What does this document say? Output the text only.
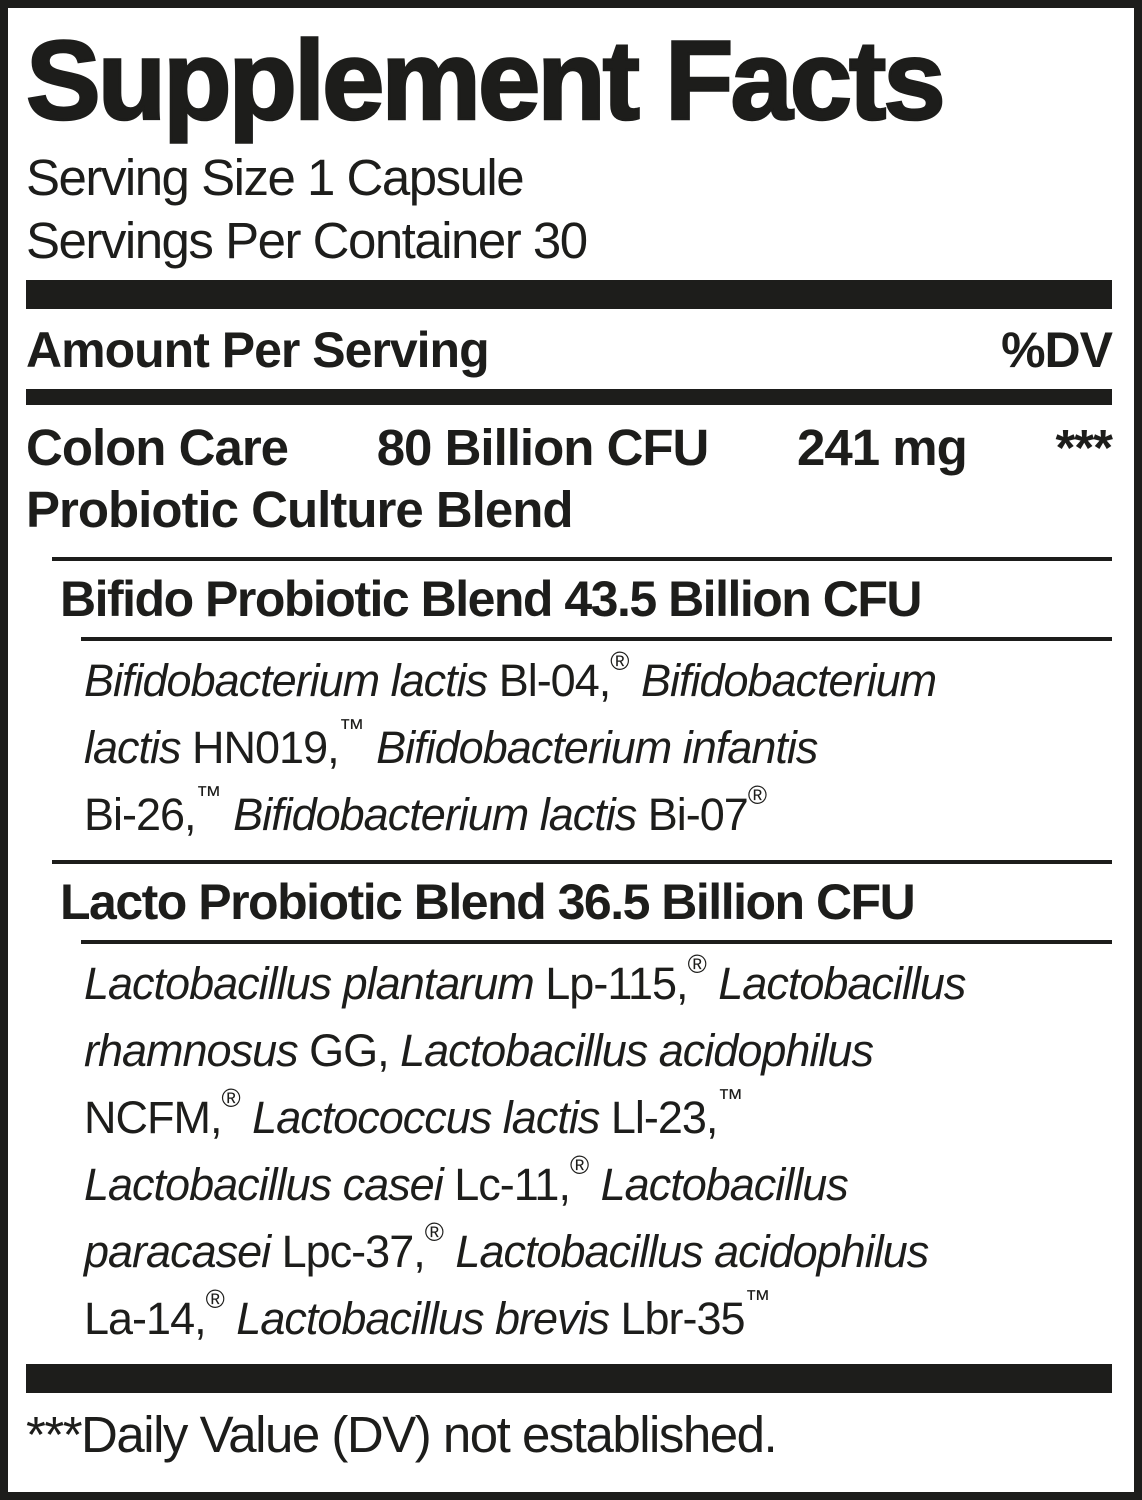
Supplement Facts
Serving Size 1 Capsule
Servings Per Container 30
Amount Per Serving	%DV
Colon Care 80 Billion CFU 241 mg ***
Probiotic Culture Blend
Bifido Probiotic Blend 43.5 Billion CFU
Bifidobacterium lactis Bl-04,® Bifidobacterium
lactis HN019,™ Bifidobacterium infantis
Bi-26,™ Bifidobacterium lactis Bi-07®
Lacto Probiotic Blend 36.5 Billion CFU
Lactobacillus plantarum Lp-115,® Lactobacillus
rhamnosus GG, Lactobacillus acidophilus
NCFM,® Lactococcus lactis Ll-23,™
Lactobacillus casei Lc-11,® Lactobacillus
paracasei Lpc-37,® Lactobacillus acidophilus
La-14,® Lactobacillus brevis Lbr-35™
***Daily Value (DV) not established.
